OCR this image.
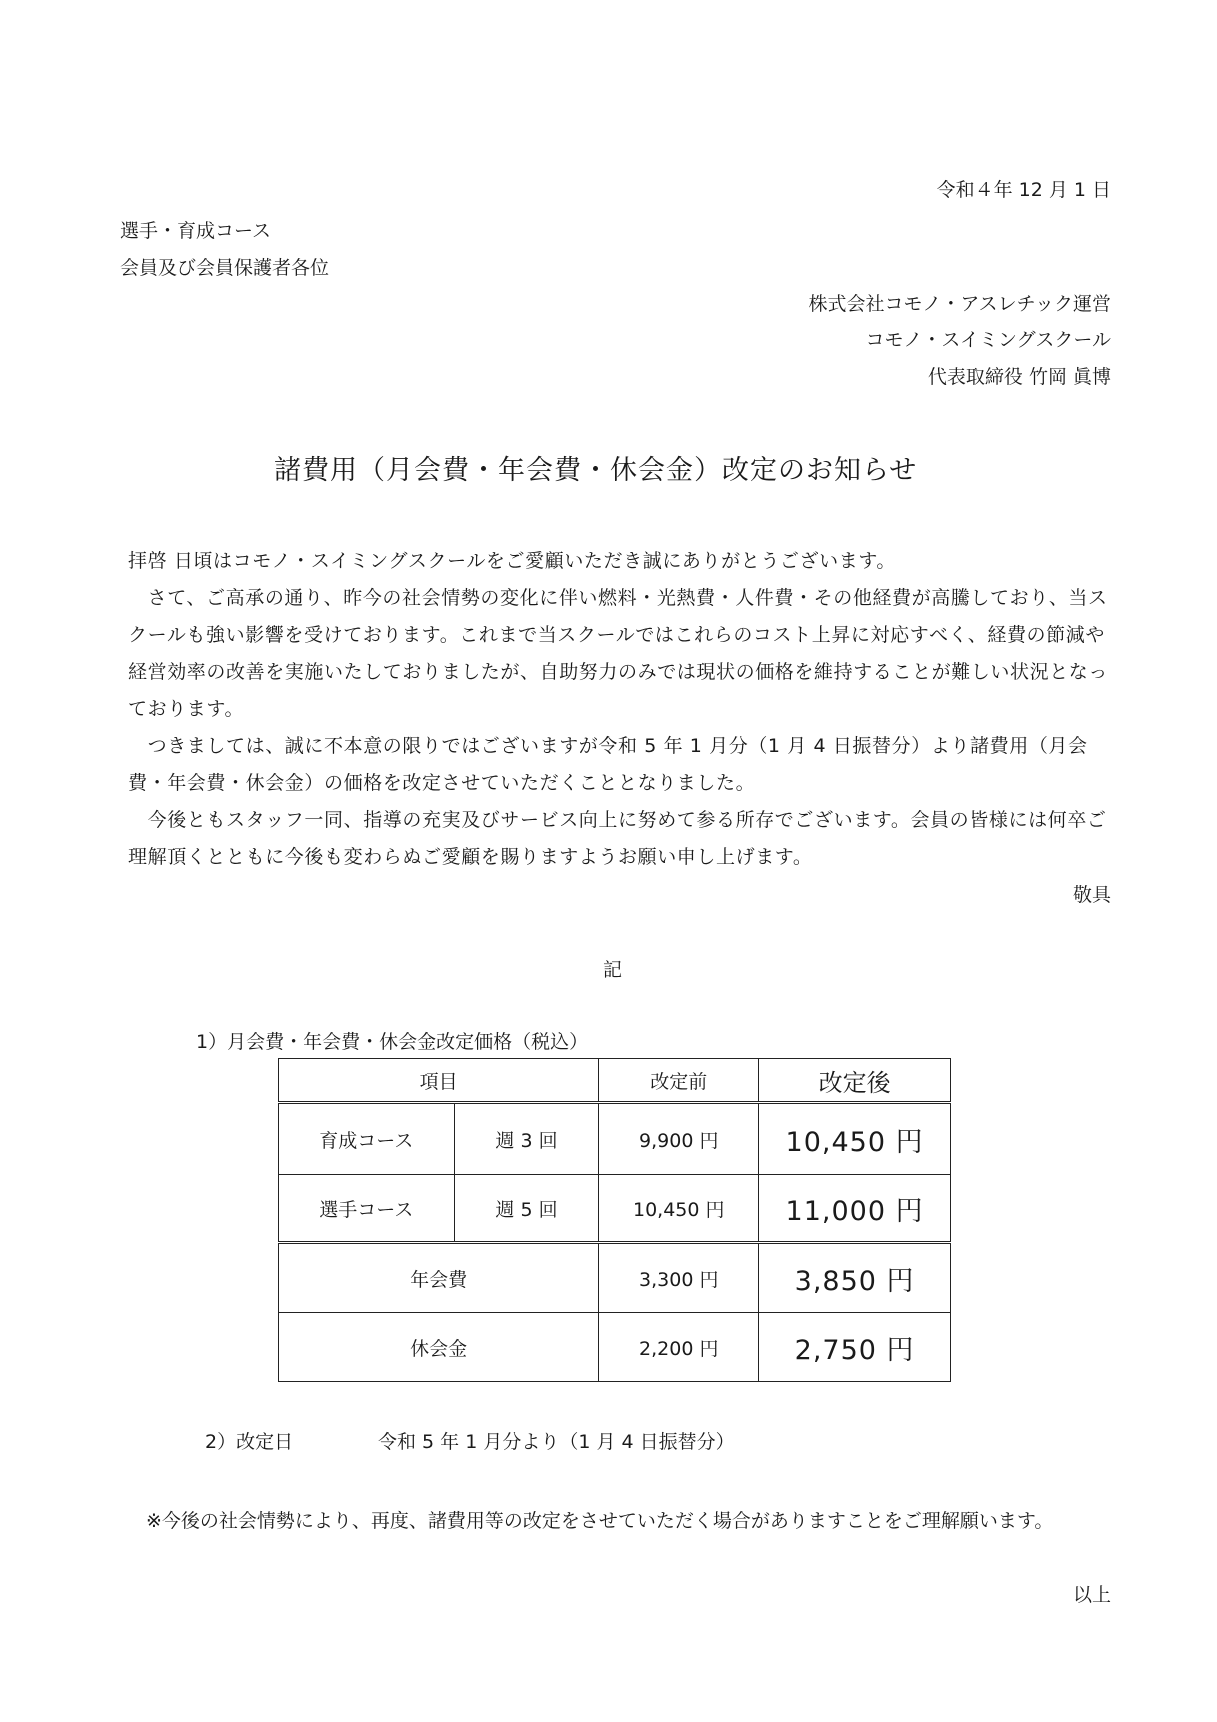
令和４年 12 月 1 日
選手・育成コース
会員及び会員保護者各位
株式会社コモノ・アスレチック運営
コモノ・スイミングスクール
代表取締役 竹岡 眞博
諸費用（月会費・年会費・休会金）改定のお知らせ
拝啓 日頃はコモノ・スイミングスクールをご愛顧いただき誠にありがとうございます。
　さて、ご高承の通り、昨今の社会情勢の変化に伴い燃料・光熱費・人件費・その他経費が高騰しており、当スクールも強い影響を受けております。これまで当スクールではこれらのコスト上昇に対応すべく、経費の節減や経営効率の改善を実施いたしておりましたが、自助努力のみでは現状の価格を維持することが難しい状況となっております。
　つきましては、誠に不本意の限りではございますが令和 5 年 1 月分（1 月 4 日振替分）より諸費用（月会費・年会費・休会金）の価格を改定させていただくこととなりました。
　今後ともスタッフ一同、指導の充実及びサービス向上に努めて参る所存でございます。会員の皆様には何卒ご理解頂くとともに今後も変わらぬご愛顧を賜りますようお願い申し上げます。
敬具
記
1）月会費・年会費・休会金改定価格（税込）
項目		改定前	改定後
育成コース	週 3 回	9,900 円	10,450 円
選手コース	週 5 回	10,450 円	11,000 円
年会費		3,300 円	3,850 円
休会金		2,200 円	2,750 円
2）改定日	令和 5 年 1 月分より（1 月 4 日振替分）
※今後の社会情勢により、再度、諸費用等の改定をさせていただく場合がありますことをご理解願います。
以上
